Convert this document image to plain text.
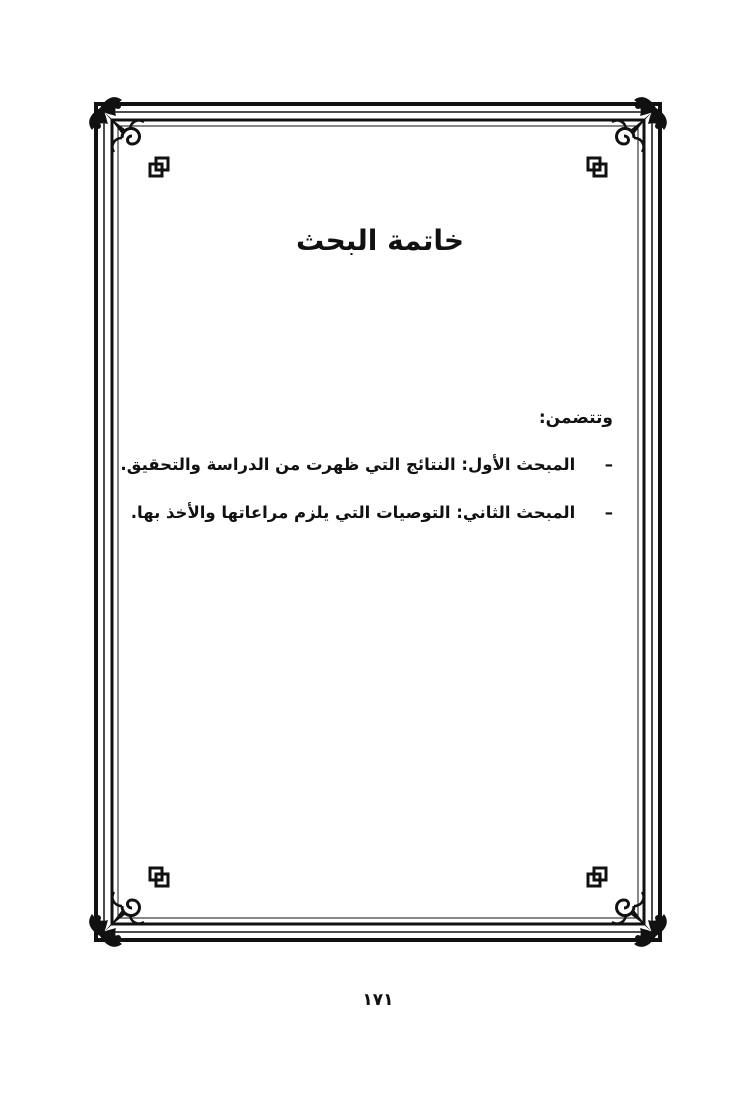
خاتمة البحث
وتتضمن:
– المبحث الأول: النتائج التي ظهرت من الدراسة والتحقيق.
– المبحث الثاني: التوصيات التي يلزم مراعاتها والأخذ بها.
١٧١
